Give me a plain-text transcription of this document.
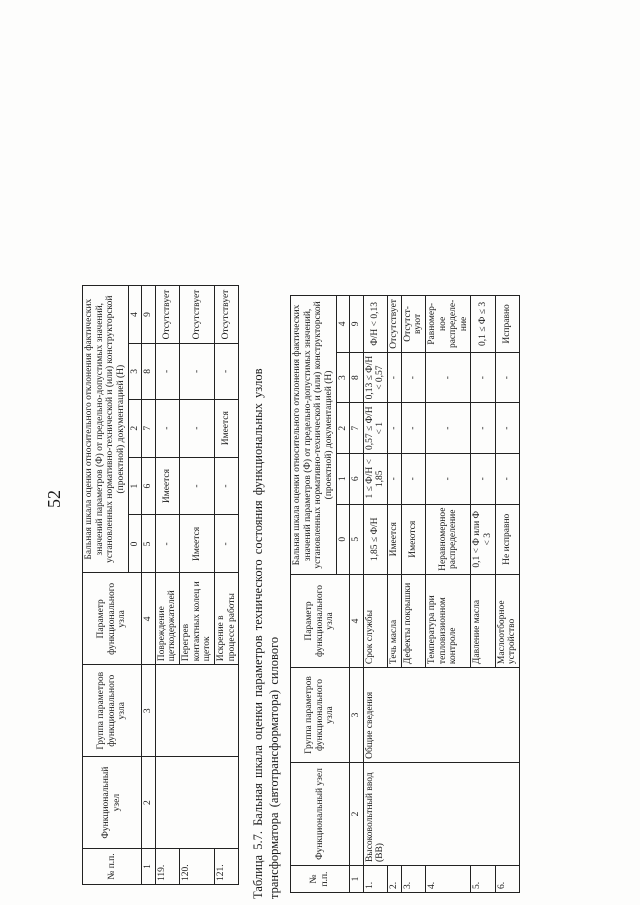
52
№ п.п.	Функциональный узел	Группа параметров функционального узла	Параметр функционального узла	Бальная шкала оценки относительного отклонения фактических значений параметров (Ф) от предельно-допустимых значений, установленных нормативно-технической и (или) конструкторской (проектной) документацией (Н)				
				0	1	2	3	4
1	2	3	4	5	6	7	8	9
119.			Повреждение щеткодержателей	-	Имеется	-	-	Отсутствует
120.			Перегрев контактных колец и щеток	Имеется	-	-	-	Отсутствует
121.			Искрение в процессе работы	-	-	Имеется	-	Отсутствует
Таблица 5.7. Бальная шкала оценки параметров технического состояния функциональных узлов трансформатора (автотрансформатора) силового	№ п.п.	Функциональный узел	Группа параметров функционального узла	Параметр функционального узла	Бальная шкала оценки относительного отклонения фактических значений параметров (Ф) от предельно-допустимых значений, установленных нормативно-технической и (или) конструкторской (проектной) документацией (Н)				
				0	1	2	3	4
1	2	3	4	5	6	7	8	9
1.	Высоковольтный ввод (ВВ)	Общие сведения	Срок службы	1,85 ≤ Ф/Н	1 ≤ Ф/Н < 1,85	0,57 ≤ Ф/Н < 1	0,13 ≤ Ф/Н < 0,57	Ф/Н < 0,13
2.			Течь масла	Имеется	-	-	-	Отсутствует
3.			Дефекты покрышки	Имеются	-	-	-	Отсутст-вуют
4.			Температура при тепловизионном контроле	Неравномерное распределение	-	-	-	Равномер-ное распределе-ние
5.			Давление масла	0,1 < Ф или Ф < 3	-	-	-	0,1 ≤ Ф ≤ 3
6.			Маслоотборное устройство	Не исправно	-	-	-	Исправно
